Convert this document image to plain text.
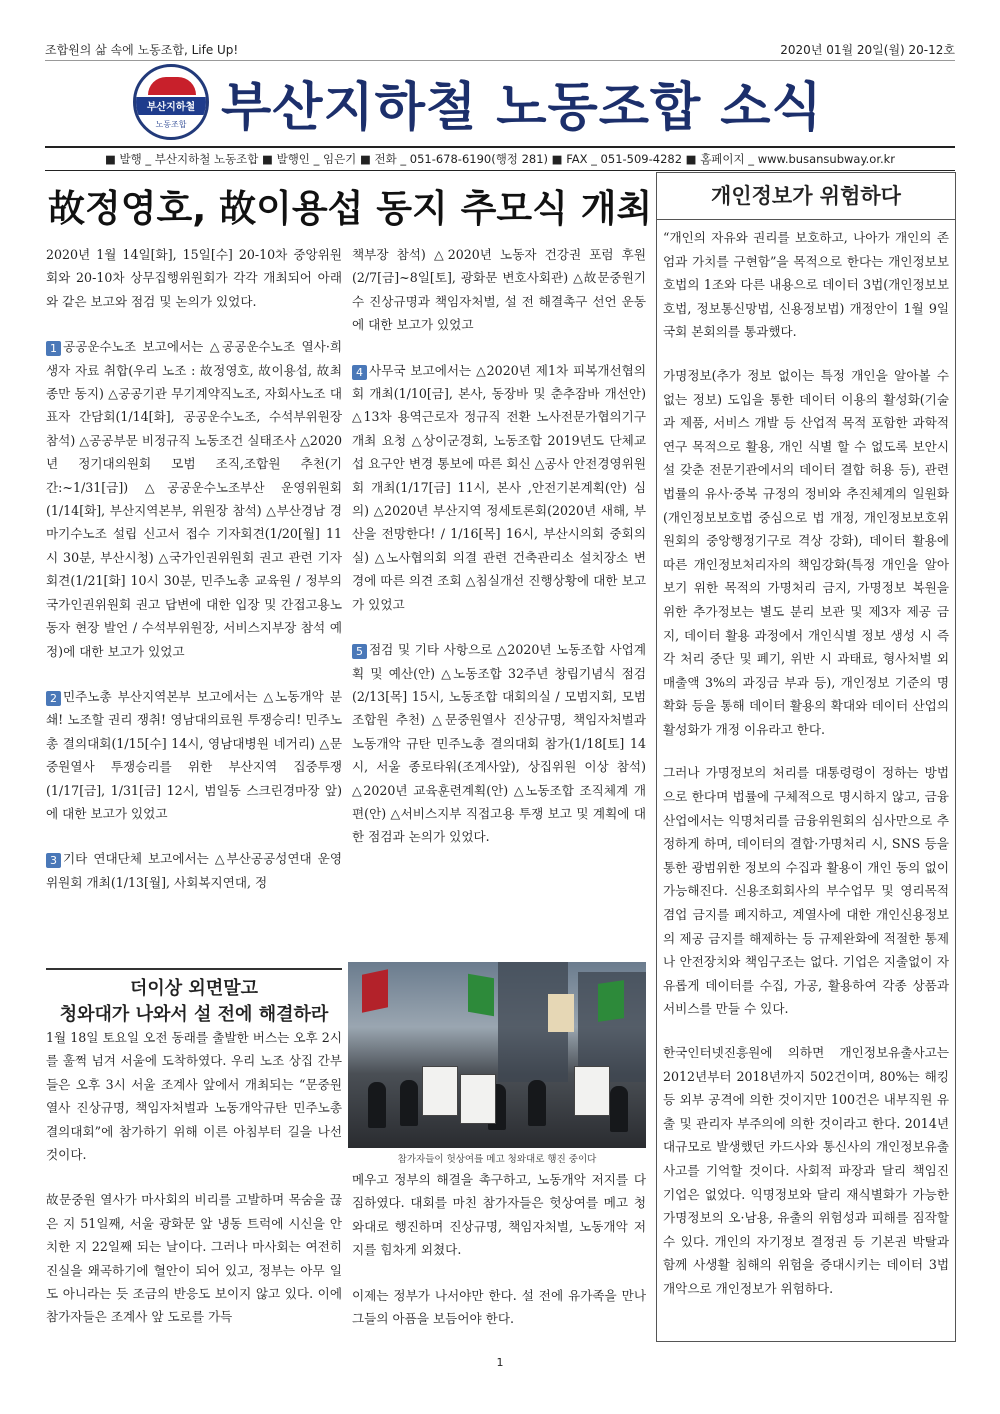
조합원의 삶 속에 노동조합, Life Up!	2020년 01월 20일(월) 20-12호
부산지하철
노동조합 부산지하철 노동조합 소식
■ 발행 _ 부산지하철 노동조합 ■ 발행인 _ 임은기 ■ 전화 _ 051-678-6190(행정 281) ■ FAX _ 051-509-4282 ■ 홈페이지 _ www.busansubway.or.kr
故정영호, 故이용섭 동지 추모식 개최

2020년 1월 14일[화], 15일[수] 20-10차 중앙위원회와 20-10차 상무집행위원회가 각각 개최되어 아래와 같은 보고와 점검 및 논의가 있었다.

1 공공운수노조 보고에서는 △공공운수노조 열사·희생자 자료 취합(우리 노조 : 故정영호, 故이용섭, 故최종만 동지) △공공기관 무기계약직노조, 자회사노조 대표자 간담회(1/14[화], 공공운수노조, 수석부위원장 참석) △공공부문 비정규직 노동조건 실태조사 △2020년 정기대의원회 모범 조직,조합원 추천(기간:~1/31[금]) △공공운수노조부산 운영위원회(1/14[화], 부산지역본부, 위원장 참석) △부산경남 경마기수노조 설립 신고서 접수 기자회견(1/20[월] 11시 30분, 부산시청) △국가인권위원회 권고 관련 기자회견(1/21[화] 10시 30분, 민주노총 교육원 / 정부의 국가인권위원회 권고 답변에 대한 입장 및 간접고용노동자 현장 발언 / 수석부위원장, 서비스지부장 참석 예정)에 대한 보고가 있었고

2 민주노총 부산지역본부 보고에서는 △노동개악 분쇄! 노조할 권리 쟁취! 영남대의료원 투쟁승리! 민주노총 결의대회(1/15[수] 14시, 영남대병원 네거리) △문중원열사 투쟁승리를 위한 부산지역 집중투쟁(1/17[금], 1/31[금] 12시, 범일동 스크린경마장 앞)에 대한 보고가 있었고

3 기타 연대단체 보고에서는 △부산공공성연대 운영위원회 개최(1/13[월], 사회복지연대, 정

책부장 참석) △2020년 노동자 건강권 포럼 후원 (2/7[금]~8일[토], 광화문 변호사회관) △故문중원기수 진상규명과 책임자처벌, 설 전 해결촉구 선언 운동에 대한 보고가 있었고

4 사무국 보고에서는 △2020년 제1차 피복개선협의회 개최(1/10[금], 본사, 동장바 및 춘추잠바 개선안) △13차 용역근로자 정규직 전환 노사전문가협의기구 개최 요청 △상이군경회, 노동조합 2019년도 단체교섭 요구안 변경 통보에 따른 회신 △공사 안전경영위원회 개최(1/17[금] 11시, 본사 ,안전기본계획(안) 심의) △2020년 부산지역 정세토론회(2020년 새해, 부산을 전망한다! / 1/16[목] 16시, 부산시의회 중회의실) △노사협의회 의결 관련 건축관리소 설치장소 변경에 따른 의견 조회 △침실개선 진행상황에 대한 보고가 있었고

5 점검 및 기타 사항으로 △2020년 노동조합 사업계획 및 예산(안) △노동조합 32주년 창립기념식 점검(2/13[목] 15시, 노동조합 대회의실 / 모범지회, 모범조합원 추천) △문중원열사 진상규명, 책임자처벌과 노동개악 규탄 민주노총 결의대회 참가(1/18[토] 14시, 서울 종로타워(조계사앞), 상집위원 이상 참석) △2020년 교육훈련계획(안) △노동조합 조직체계 개편(안) △서비스지부 직접고용 투쟁 보고 및 계획에 대한 점검과 논의가 있었다.

더이상 외면말고
청와대가 나와서 설 전에 해결하라

1월 18일 토요일 오전 동래를 출발한 버스는 오후 2시를 훌쩍 넘겨 서울에 도착하였다. 우리 노조 상집 간부들은 오후 3시 서울 조계사 앞에서 개최되는 “문중원 열사 진상규명, 책임자처벌과 노동개악규탄 민주노총 결의대회”에 참가하기 위해 이른 아침부터 길을 나선 것이다.

故문중원 열사가 마사회의 비리를 고발하며 목숨을 끊은 지 51일째, 서울 광화문 앞 냉동 트럭에 시신을 안치한 지 22일째 되는 날이다. 그러나 마사회는 여전히 진실을 왜곡하기에 혈안이 되어 있고, 정부는 아무 일도 아니라는 듯 조금의 반응도 보이지 않고 있다. 이에 참가자들은 조계사 앞 도로를 가득

참가자들이 헛상여를 메고 청와대로 행진 중이다

메우고 정부의 해결을 촉구하고, 노동개악 저지를 다짐하였다. 대회를 마친 참가자들은 헛상여를 메고 청와대로 행진하며 진상규명, 책임자처벌, 노동개악 저지를 힘차게 외쳤다.

이제는 정부가 나서야만 한다. 설 전에 유가족을 만나 그들의 아픔을 보듬어야 한다.

개인정보가 위험하다

“개인의 자유와 권리를 보호하고, 나아가 개인의 존엄과 가치를 구현함”을 목적으로 한다는 개인정보보호법의 1조와 다른 내용으로 데이터 3법(개인정보보호법, 정보통신망법, 신용정보법) 개정안이 1월 9일 국회 본회의를 통과했다.

가명정보(추가 정보 없이는 특정 개인을 알아볼 수 없는 정보) 도입을 통한 데이터 이용의 활성화(기술과 제품, 서비스 개발 등 산업적 목적 포함한 과학적 연구 목적으로 활용, 개인 식별 할 수 없도록 보안시설 갖춘 전문기관에서의 데이터 결합 허용 등), 관련 법률의 유사·중복 규정의 정비와 추진체계의 일원화(개인정보보호법 중심으로 법 개정, 개인정보보호위원회의 중앙행정기구로 격상 강화), 데이터 활용에 따른 개인정보처리자의 책임강화(특정 개인을 알아보기 위한 목적의 가명처리 금지, 가명정보 복원을 위한 추가정보는 별도 분리 보관 및 제3자 제공 금지, 데이터 활용 과정에서 개인식별 정보 생성 시 즉각 처리 중단 및 폐기, 위반 시 과태료, 형사처벌 외 매출액 3%의 과징금 부과 등), 개인정보 기준의 명확화 등을 통해 데이터 활용의 확대와 데이터 산업의 활성화가 개정 이유라고 한다.

그러나 가명정보의 처리를 대통령령이 정하는 방법으로 한다며 법률에 구체적으로 명시하지 않고, 금융산업에서는 익명처리를 금융위원회의 심사만으로 추정하게 하며, 데이터의 결합·가명처리 시, SNS 등을 통한 광범위한 정보의 수집과 활용이 개인 동의 없이 가능해진다. 신용조회회사의 부수업무 및 영리목적 겸업 금지를 폐지하고, 계열사에 대한 개인신용정보의 제공 금지를 해제하는 등 규제완화에 적절한 통제나 안전장치와 책임구조는 없다. 기업은 지출없이 자유롭게 데이터를 수집, 가공, 활용하여 각종 상품과 서비스를 만들 수 있다.

한국인터넷진흥원에 의하면 개인정보유출사고는 2012년부터 2018년까지 502건이며, 80%는 해킹 등 외부 공격에 의한 것이지만 100건은 내부직원 유출 및 관리자 부주의에 의한 것이라고 한다. 2014년 대규모로 발생했던 카드사와 통신사의 개인정보유출사고를 기억할 것이다. 사회적 파장과 달리 책임진 기업은 없었다. 익명정보와 달리 재식별화가 가능한 가명정보의 오·남용, 유출의 위험성과 피해를 짐작할 수 있다. 개인의 자기정보 결정권 등 기본권 박탈과 함께 사생활 침해의 위험을 증대시키는 데이터 3법 개악으로 개인정보가 위험하다.

1
